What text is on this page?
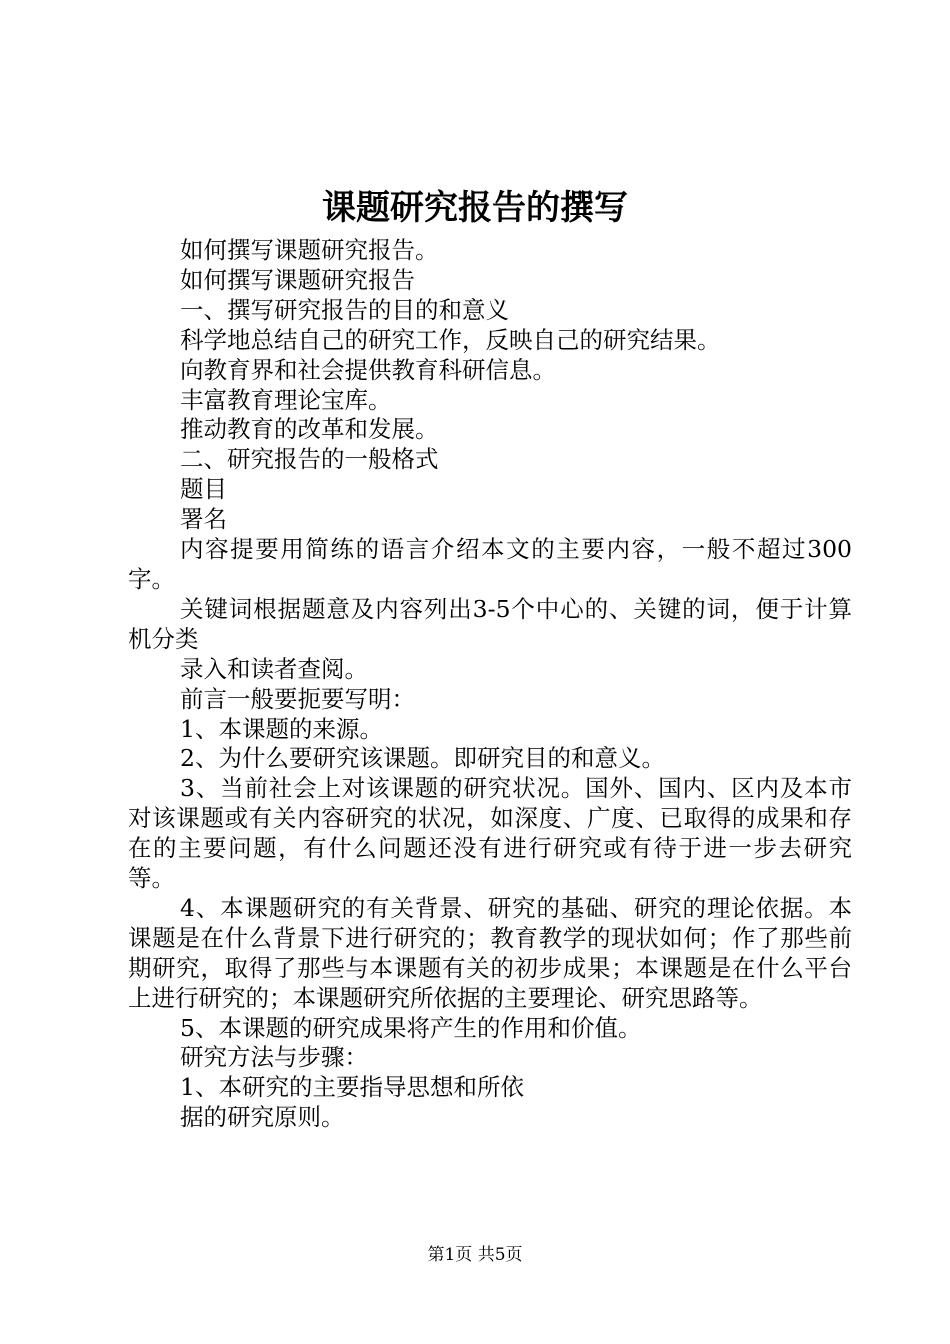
课题研究报告的撰写

如何撰写课题研究报告。

如何撰写课题研究报告

一、撰写研究报告的目的和意义

科学地总结自己的研究工作，反映自己的研究结果。

向教育界和社会提供教育科研信息。

丰富教育理论宝库。

推动教育的改革和发展。

二、研究报告的一般格式

题目

署名

内容提要用简练的语言介绍本文的主要内容，一般不超过300字。

关键词根据题意及内容列出3-5个中心的、关键的词，便于计算机分类

录入和读者查阅。

前言一般要扼要写明：

1、本课题的来源。

2、为什么要研究该课题。即研究目的和意义。

3、当前社会上对该课题的研究状况。国外、国内、区内及本市对该课题或有关内容研究的状况，如深度、广度、已取得的成果和存在的主要问题，有什么问题还没有进行研究或有待于进一步去研究等。

4、本课题研究的有关背景、研究的基础、研究的理论依据。本课题是在什么背景下进行研究的；教育教学的现状如何；作了那些前期研究，取得了那些与本课题有关的初步成果；本课题是在什么平台上进行研究的；本课题研究所依据的主要理论、研究思路等。

5、本课题的研究成果将产生的作用和价值。

研究方法与步骤：

1、本研究的主要指导思想和所依

据的研究原则。

第1页 共5页
